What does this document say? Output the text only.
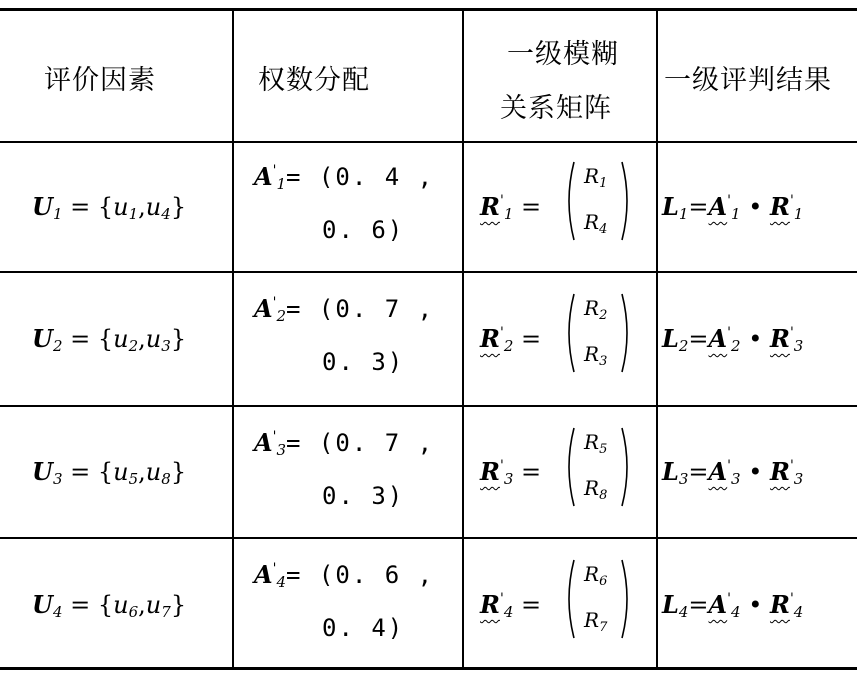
评价因素	权数分配
一级模糊
关系矩阵
一级评判结果
$U_1 = \{u_1,u_4\}$
$A'_1= (0$. 4 ,
0. 6)
$R'_1$ =
$R_1$
$R_4$
$L_1=A'_1$ • $R'_1$
$U_2 = \{u_2,u_3\}$
$A'_2= (0$. 7 ,
0. 3)
$R'_2$ =
$R_2$
$R_3$
$L_2=A'_2$ • $R'_3$
$U_3 = \{u_5,u_8\}$
$A'_3= (0$. 7 ,
0. 3)
$R'_3$ =
$R_5$
$R_8$
$L_3=A'_3$ • $R'_3$
$U_4 = \{u_6,u_7\}$
$A'_4= (0$. 6 ,
0. 4)
$R'_4$ =
$R_6$
$R_7$
$L_4=A'_4$ • $R'_4$
